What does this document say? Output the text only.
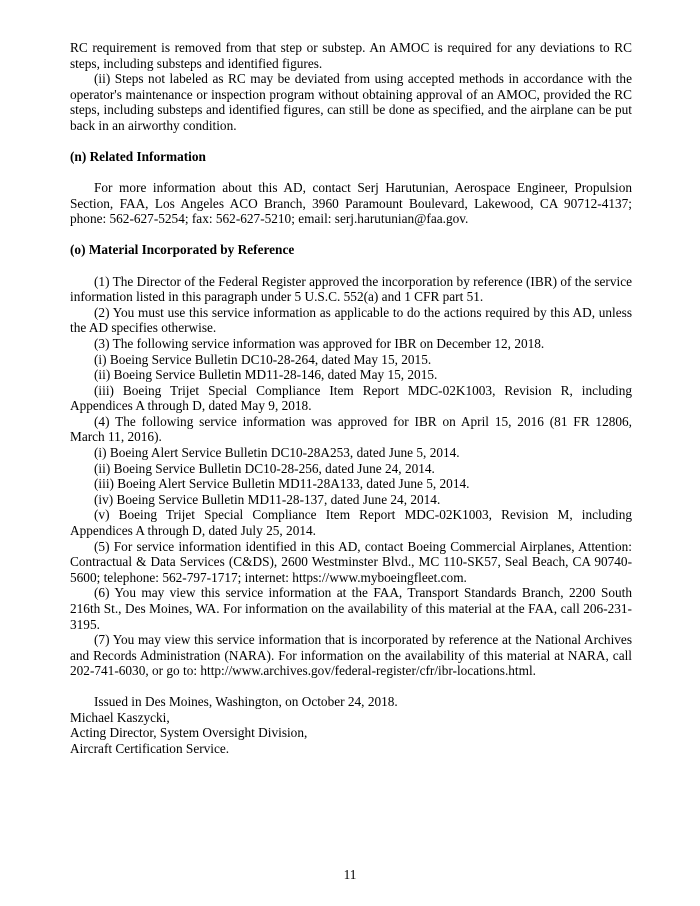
RC requirement is removed from that step or substep. An AMOC is required for any deviations to RC steps, including substeps and identified figures.

(ii) Steps not labeled as RC may be deviated from using accepted methods in accordance with the operator's maintenance or inspection program without obtaining approval of an AMOC, provided the RC steps, including substeps and identified figures, can still be done as specified, and the airplane can be put back in an airworthy condition.

(n) Related Information

For more information about this AD, contact Serj Harutunian, Aerospace Engineer, Propulsion Section, FAA, Los Angeles ACO Branch, 3960 Paramount Boulevard, Lakewood, CA 90712-4137; phone: 562-627-5254; fax: 562-627-5210; email: serj.harutunian@faa.gov.

(o) Material Incorporated by Reference

(1) The Director of the Federal Register approved the incorporation by reference (IBR) of the service information listed in this paragraph under 5 U.S.C. 552(a) and 1 CFR part 51.

(2) You must use this service information as applicable to do the actions required by this AD, unless the AD specifies otherwise.

(3) The following service information was approved for IBR on December 12, 2018.

(i) Boeing Service Bulletin DC10-28-264, dated May 15, 2015.

(ii) Boeing Service Bulletin MD11-28-146, dated May 15, 2015.

(iii) Boeing Trijet Special Compliance Item Report MDC-02K1003, Revision R, including Appendices A through D, dated May 9, 2018.

(4) The following service information was approved for IBR on April 15, 2016 (81 FR 12806, March 11, 2016).

(i) Boeing Alert Service Bulletin DC10-28A253, dated June 5, 2014.

(ii) Boeing Service Bulletin DC10-28-256, dated June 24, 2014.

(iii) Boeing Alert Service Bulletin MD11-28A133, dated June 5, 2014.

(iv) Boeing Service Bulletin MD11-28-137, dated June 24, 2014.

(v) Boeing Trijet Special Compliance Item Report MDC-02K1003, Revision M, including Appendices A through D, dated July 25, 2014.

(5) For service information identified in this AD, contact Boeing Commercial Airplanes, Attention: Contractual & Data Services (C&DS), 2600 Westminster Blvd., MC 110-SK57, Seal Beach, CA 90740-5600; telephone: 562-797-1717; internet: https://www.myboeingfleet.com.

(6) You may view this service information at the FAA, Transport Standards Branch, 2200 South 216th St., Des Moines, WA. For information on the availability of this material at the FAA, call 206-231-3195.

(7) You may view this service information that is incorporated by reference at the National Archives and Records Administration (NARA). For information on the availability of this material at NARA, call 202-741-6030, or go to: http://www.archives.gov/federal-register/cfr/ibr-locations.html.

Issued in Des Moines, Washington, on October 24, 2018.

Michael Kaszycki,

Acting Director, System Oversight Division,

Aircraft Certification Service.

11
